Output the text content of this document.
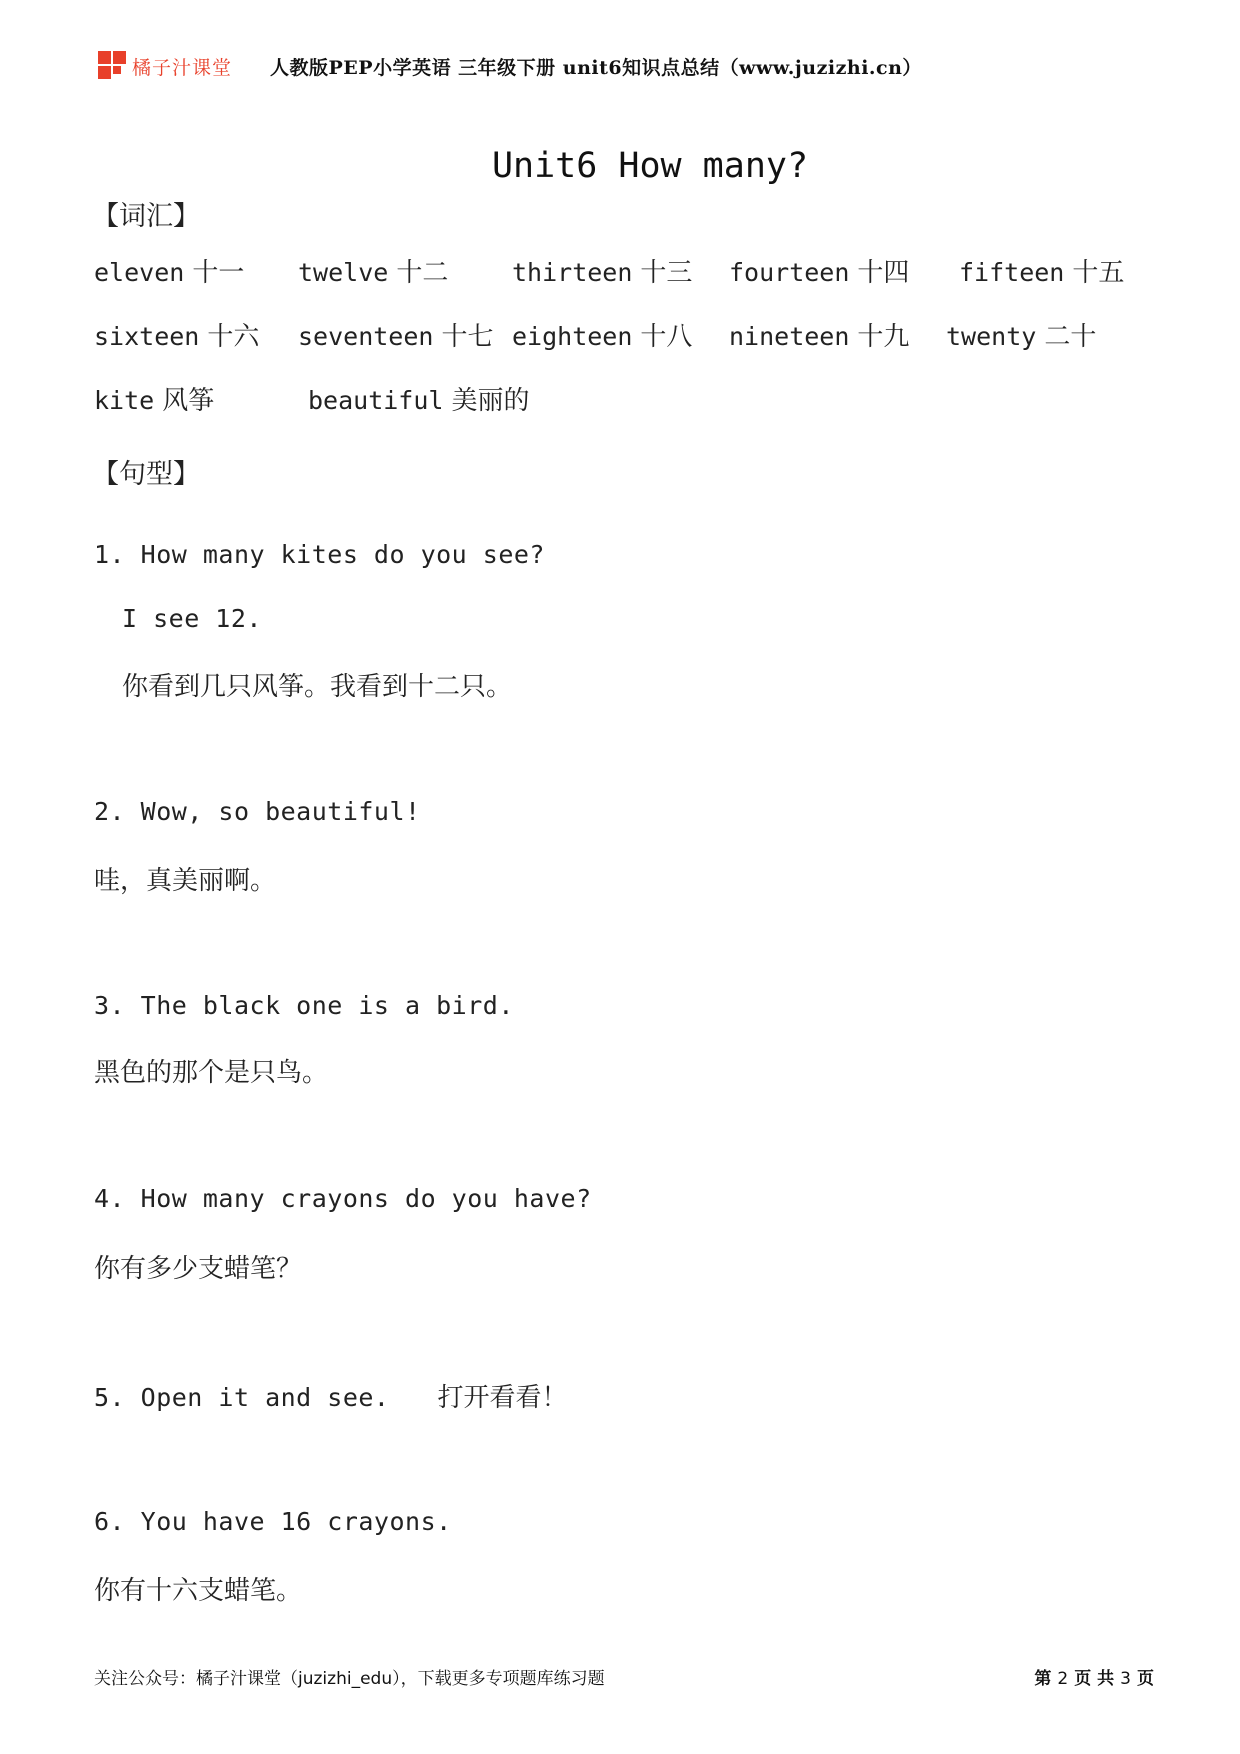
橘子汁课堂 人教版PEP小学英语 三年级下册 unit6知识点总结（www.juzizhi.cn）
Unit6 How many?
【词汇】
eleven 十一 twelve 十二	thirteen 十三 fourteen 十四 fifteen 十五
sixteen 十六 seventeen 十七 eighteen 十八 nineteen 十九 twenty 二十
kite 风筝	beautiful 美丽的
【句型】
1. How many kites do you see?
I see 12.
你看到几只风筝。我看到十二只。
2. Wow, so beautiful!
哇，真美丽啊。
3. The black one is a bird.
黑色的那个是只鸟。
4. How many crayons do you have?
你有多少支蜡笔？
5. Open it and see. 打开看看！
6. You have 16 crayons.
你有十六支蜡笔。
关注公众号：橘子汁课堂（juzizhi_edu），下载更多专项题库练习题	第 2 页 共 3 页
